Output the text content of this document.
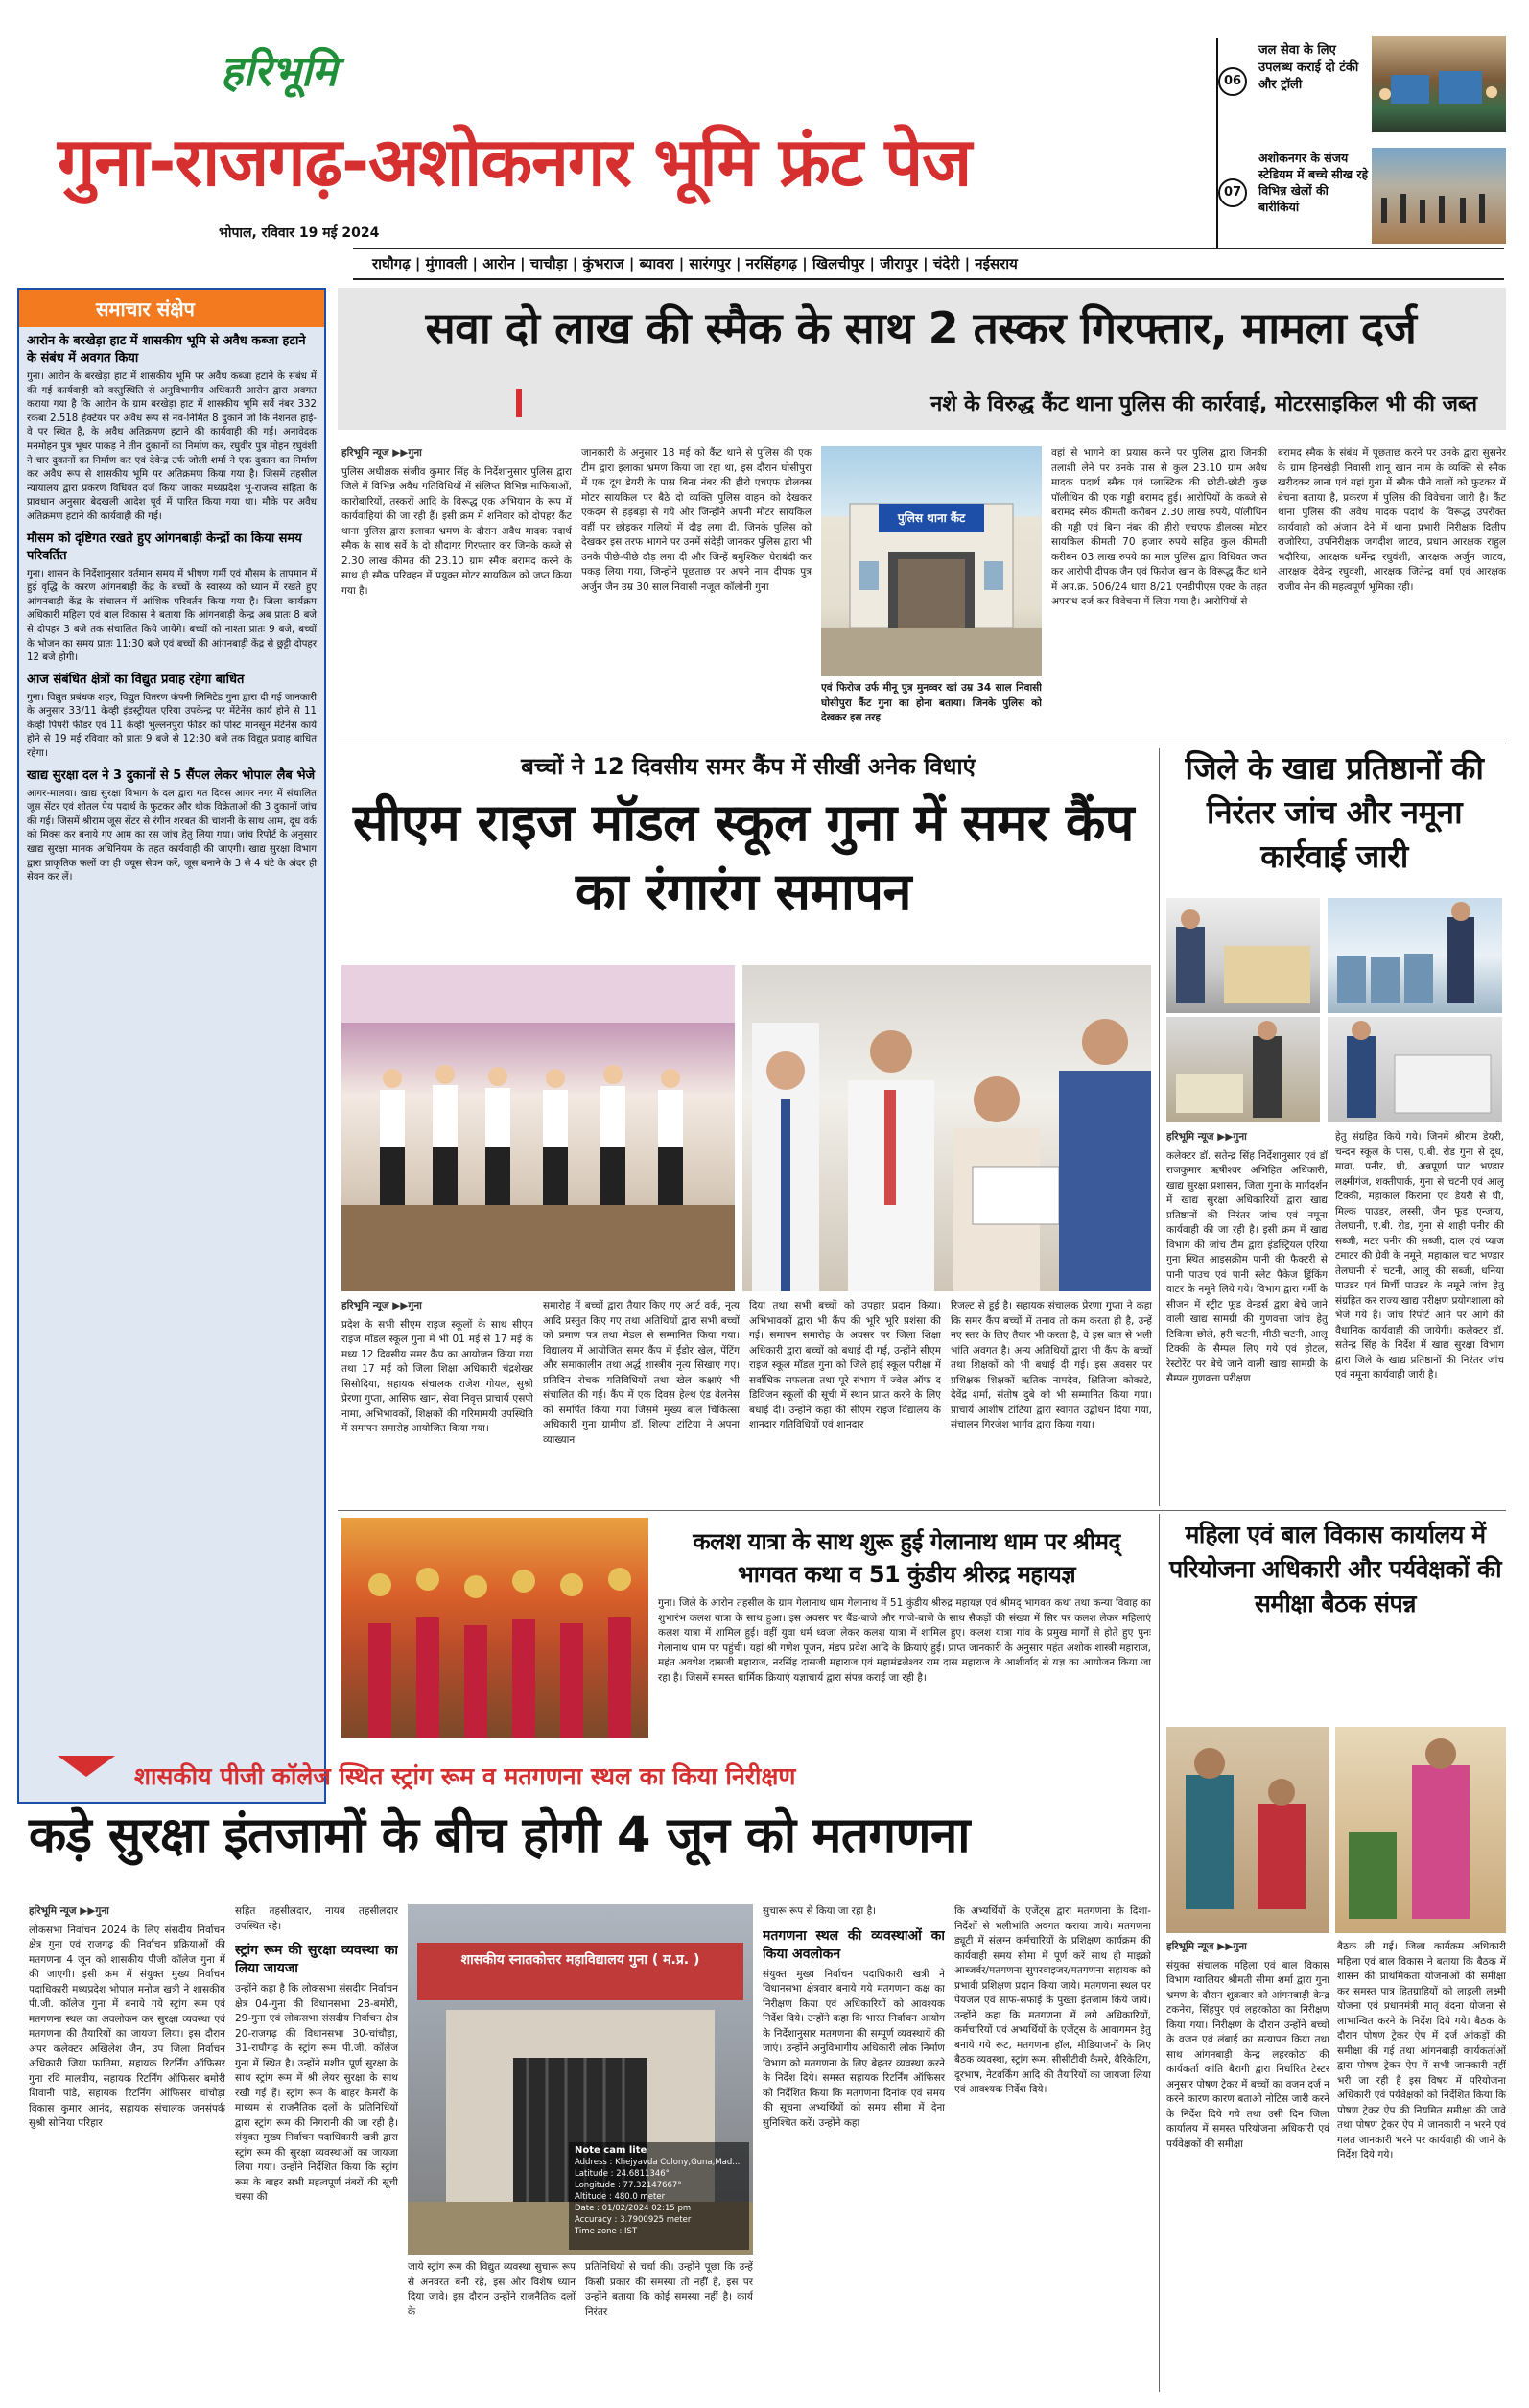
हरिभूमि
गुना-राजगढ़-अशोकनगर भूमि फ्रंट पेज
भोपाल, रविवार 19 मई 2024
06
जल सेवा के लिए उपलब्ध कराई दो टंकी और ट्रॉली
07
अशोकनगर के संजय स्टेडियम में बच्चे सीख रहे विभिन्न खेलों की बारीकियां
राघौगढ़ | मुंगावली | आरोन | चाचौड़ा | कुंभराज | ब्यावरा | सारंगपुर | नरसिंहगढ़ | खिलचीपुर | जीरापुर | चंदेरी | नईसराय
समाचार संक्षेप
आरोन के बरखेड़ा हाट में शासकीय भूमि से अवैध कब्जा हटाने के संबंध में अवगत किया

गुना। आरोन के बरखेड़ा हाट में शासकीय भूमि पर अवैध कब्जा हटाने के संबंध में की गई कार्यवाही को वस्तुस्थिति से अनुविभागीय अधिकारी आरोन द्वारा अवगत कराया गया है कि आरोन के ग्राम बरखेड़ा हाट में शासकीय भूमि सर्वे नंबर 332 रकबा 2.518 हेक्टेयर पर अवैध रूप से नव-निर्मित 8 दुकानें जो कि नेशनल हाई-वे पर स्थित है, के अवैध अतिक्रमण हटाने की कार्यवाही की गई। अनावेदक मनमोहन पुत्र भूधर पाकड़ ने तीन दुकानों का निर्माण कर, रघुवीर पुत्र मोहन रघुवंशी ने चार दुकानों का निर्माण कर एवं देवेन्द्र उर्फ जोली शर्मा ने एक दुकान का निर्माण कर अवैध रूप से शासकीय भूमि पर अतिक्रमण किया गया है। जिसमें तहसील न्यायालय द्वारा प्रकरण विधिवत दर्ज किया जाकर मध्यप्रदेश भू-राजस्व संहिता के प्रावधान अनुसार बेदखली आदेश पूर्व में पारित किया गया था। मौके पर अवैध अतिक्रमण हटाने की कार्यवाही की गई।

मौसम को दृष्टिगत रखते हुए आंगनबाड़ी केन्द्रों का किया समय परिवर्तित

गुना। शासन के निर्देशानुसार वर्तमान समय में भीषण गर्मी एवं मौसम के तापमान में हुई वृद्धि के कारण आंगनबाड़ी केंद्र के बच्चों के स्वास्थ्य को ध्यान में रखते हुए आंगनबाड़ी केंद्र के संचालन में आंशिक परिवर्तन किया गया है। जिला कार्यक्रम अधिकारी महिला एवं बाल विकास ने बताया कि आंगनबाड़ी केन्द्र अब प्रातः 8 बजे से दोपहर 3 बजे तक संचालित किये जायेंगे। बच्चों को नाश्ता प्रातः 9 बजे, बच्चों के भोजन का समय प्रातः 11:30 बजे एवं बच्चों की आंगनबाड़ी केंद्र से छुट्टी दोपहर 12 बजे होगी।

आज संबंधित क्षेत्रों का विद्युत प्रवाह रहेगा बाधित

गुना। विद्युत प्रबंधक शहर, विद्युत वितरण कंपनी लिमिटेड गुना द्वारा दी गई जानकारी के अनुसार 33/11 केव्ही इंडस्ट्रीयल एरिया उपकेन्द्र पर मेंटेनेंस कार्य होने से 11 केव्ही पिपरी फीडर एवं 11 केव्ही भुल्लनपुरा फीडर को पोस्ट मानसून मेंटेनेंस कार्य होने से 19 मई रविवार को प्रातः 9 बजे से 12:30 बजे तक विद्युत प्रवाह बाधित रहेगा।

खाद्य सुरक्षा दल ने 3 दुकानों से 5 सैंपल लेकर भोपाल लैब भेजे

आगर-मालवा। खाद्य सुरक्षा विभाग के दल द्वारा गत दिवस आगर नगर में संचालित जूस सेंटर एवं शीतल पेय पदार्थ के फुटकर और थोक विक्रेताओं की 3 दुकानों जांच की गई। जिसमें श्रीराम जूस सेंटर से रंगीन शरबत की चाशनी के साथ आम, दूध वर्क को मिक्स कर बनाये गए आम का रस जांच हेतु लिया गया। जांच रिपोर्ट के अनुसार खाद्य सुरक्षा मानक अधिनियम के तहत कार्यवाही की जाएगी। खाद्य सुरक्षा विभाग द्वारा प्राकृतिक फलों का ही ज्यूस सेवन करें, जूस बनाने के 3 से 4 घंटे के अंदर ही सेवन कर लें।

सवा दो लाख की स्मैक के साथ 2 तस्कर गिरफ्तार, मामला दर्ज
नशे के विरुद्ध कैंट थाना पुलिस की कार्रवाई, मोटरसाइकिल भी की जब्त
हरिभूमि न्यूज ▶▶गुना

पुलिस अधीक्षक संजीव कुमार सिंह के निर्देशानुसार पुलिस द्वारा जिले में विभिन्न अवैध गतिविधियों में संलिप्त विभिन्न माफियाओं, कारोबारियों, तस्करों आदि के विरूद्ध एक अभियान के रूप में कार्यवाहियां की जा रही हैं। इसी क्रम में शनिवार को दोपहर कैंट थाना पुलिस द्वारा इलाका भ्रमण के दौरान अवैध मादक पदार्थ स्मैक के साथ सर्वे के दो सौदागर गिरफ्तार कर जिनके कब्जे से 2.30 लाख कीमत की 23.10 ग्राम स्मैक बरामद करने के साथ ही स्मैक परिवहन में प्रयुक्त मोटर सायकिल को जप्त किया गया है।

जानकारी के अनुसार 18 मई को कैंट थाने से पुलिस की एक टीम द्वारा इलाका भ्रमण किया जा रहा था, इस दौरान घोसीपुरा में एक दूध डेयरी के पास बिना नंबर की हीरो एचएफ डीलक्स मोटर सायकिल पर बैठे दो व्यक्ति पुलिस वाहन को देखकर एकदम से हड़बड़ा से गये और जिन्होंने अपनी मोटर सायकिल वहीं पर छोड़कर गलियों में दौड़ लगा दी, जिनके पुलिस को देखकर इस तरफ भागने पर उनमें संदेही जानकर पुलिस द्वारा भी उनके पीछे-पीछे दौड़ लगा दी और जिन्हें बमुश्किल घेराबंदी कर पकड़ लिया गया, जिन्होंने पूछताछ पर अपने नाम दीपक पुत्र अर्जुन जैन उम्र 30 साल निवासी नजूल कॉलोनी गुना

पुलिस थाना कैंट

एवं फिरोज उर्फ मीनू पुत्र मुनव्वर खां उम्र 34 साल निवासी घोसीपुरा कैंट गुना का होना बताया। जिनके पुलिस को देखकर इस तरह

वहां से भागने का प्रयास करने पर पुलिस द्वारा जिनकी तलाशी लेने पर उनके पास से कुल 23.10 ग्राम अवैध मादक पदार्थ स्मैक एवं प्लास्टिक की छोटी-छोटी कुछ पॉलीथिन की एक गड्डी बरामद हुई। आरोपियों के कब्जे से बरामद स्मैक कीमती करीबन 2.30 लाख रुपये, पॉलीथिन की गड्डी एवं बिना नंबर की हीरो एचएफ डीलक्स मोटर सायकिल कीमती 70 हजार रुपये सहित कुल कीमती करीबन 03 लाख रुपये का माल पुलिस द्वारा विधिवत जप्त कर आरोपी दीपक जैन एवं फिरोज खान के विरूद्ध कैंट थाने में अप.क्र. 506/24 धारा 8/21 एनडीपीएस एक्ट के तहत अपराध दर्ज कर विवेचना में लिया गया है। आरोपियों से

बरामद स्मैक के संबंध में पूछताछ करने पर उनके द्वारा सुसनेर के ग्राम हिनखेड़ी निवासी शानू खान नाम के व्यक्ति से स्मैक खरीदकर लाना एवं यहां गुना में स्मैक पीने वालों को फुटकर में बेचना बताया है, प्रकरण में पुलिस की विवेचना जारी है। कैंट थाना पुलिस की अवैध मादक पदार्थ के विरूद्ध उपरोक्त कार्यवाही को अंजाम देने में थाना प्रभारी निरीक्षक दिलीप राजोरिया, उपनिरीक्षक जगदीश जाटव, प्रधान आरक्षक राहुल भदौरिया, आरक्षक धर्मेन्द्र रघुवंशी, आरक्षक अर्जुन जाटव, आरक्षक देवेन्द्र रघुवंशी, आरक्षक जितेन्द्र वर्मा एवं आरक्षक राजीव सेन की महत्वपूर्ण भूमिका रही।

बच्चों ने 12 दिवसीय समर कैंप में सीखीं अनेक विधाएं
सीएम राइज मॉडल स्कूल गुना में समर कैंप का रंगारंग समापन
हरिभूमि न्यूज ▶▶गुना

प्रदेश के सभी सीएम राइज स्कूलों के साथ सीएम राइज मॉडल स्कूल गुना में भी 01 मई से 17 मई के मध्य 12 दिवसीय समर कैंप का आयोजन किया गया तथा 17 मई को जिला शिक्षा अधिकारी चंद्रशेखर सिसोदिया, सहायक संचालक राजेश गोयल, सुश्री प्रेरणा गुप्ता, आसिफ खान, सेवा निवृत्त प्राचार्य एसपी नामा, अभिभावकों, शिक्षकों की गरिमामयी उपस्थिति में समापन समारोह आयोजित किया गया।

समारोह में बच्चों द्वारा तैयार किए गए आर्ट वर्क, नृत्य आदि प्रस्तुत किए गए तथा अतिथियों द्वारा सभी बच्चों को प्रमाण पत्र तथा मेडल से सम्मानित किया गया। विद्यालय में आयोजित समर कैंप में ईंडोर खेल, पेंटिंग और समाकालीन तथा अर्द्ध शास्त्रीय नृत्य सिखाए गए। प्रतिदिन रोचक गतिविधियों तथा खेल कक्षाएं भी संचालित की गई। कैंप में एक दिवस हेल्थ एंड वेलनेस को समर्पित किया गया जिसमें मुख्य बाल चिकित्सा अधिकारी गुना ग्रामीण डॉ. शिल्पा टांटिया ने अपना व्याख्यान

दिया तथा सभी बच्चों को उपहार प्रदान किया। अभिभावकों द्वारा भी कैंप की भूरि भूरि प्रशंसा की गई। समापन समारोह के अवसर पर जिला शिक्षा अधिकारी द्वारा बच्चों को बधाई दी गई, उन्होंने सीएम राइज स्कूल मॉडल गुना को जिले हाई स्कूल परीक्षा में सर्वाधिक सफलता तथा पूरे संभाग में ज्वेल ऑफ द डिविजन स्कूलों की सूची में स्थान प्राप्त करने के लिए बधाई दी। उन्होंने कहा की सीएम राइज विद्यालय के शानदार गतिविधियों एवं शानदार

रिजल्ट से हुई है। सहायक संचालक प्रेरणा गुप्ता ने कहा कि समर कैंप बच्चों में तनाव तो कम करता ही है, उन्हें नए स्तर के लिए तैयार भी करता है, वे इस बात से भली भांति अवगत है। अन्य अतिथियों द्वारा भी कैंप के बच्चों तथा शिक्षकों को भी बधाई दी गई। इस अवसर पर प्रशिक्षक शिक्षकों ऋतिक नामदेव, क्षितिजा कोकाटे, देवेंद्र शर्मा, संतोष दुबे को भी सम्मानित किया गया। प्राचार्य आशीष टांटिया द्वारा स्वागत उद्बोधन दिया गया, संचालन गिरजेश भार्गव द्वारा किया गया।

जिले के खाद्य प्रतिष्ठानों की निरंतर जांच और नमूना कार्रवाई जारी
हरिभूमि न्यूज ▶▶गुना

कलेक्टर डॉ. सतेन्द्र सिंह निर्देशानुसार एवं डॉ राजकुमार ऋषीश्वर अभिहित अधिकारी, खाद्य सुरक्षा प्रशासन, जिला गुना के मार्गदर्शन में खाद्य सुरक्षा अधिकारियों द्वारा खाद्य प्रतिष्ठानों की निरंतर जांच एवं नमूना कार्यवाही की जा रही है। इसी क्रम में खाद्य विभाग की जांच टीम द्वारा इंडस्ट्रियल एरिया गुना स्थित आइसक्रीम पानी की फैक्टरी से पानी पाउच एवं पानी स्लेट पैकेज ड्रिंकिंग वाटर के नमूने लिये गये। विभाग द्वारा गर्मी के सीजन में स्ट्रीट फूड वेन्डर्स द्वारा बेचे जाने वाली खाद्य सामग्री की गुणवत्ता जांच हेतु टिकिया छोले, हरी चटनी, मीठी चटनी, आलू टिक्की के सैम्पल लिए गये एवं होटल, रेस्टोरेंट पर बेचे जाने वाली खाद्य सामग्री के सैम्पल गुणवत्ता परीक्षण

हेतु संग्रहित किये गये। जिनमें श्रीराम डेयरी, चन्दन स्कूल के पास, ए.बी. रोड गुना से दूध, मावा, पनीर, घी, अन्नपूर्णा पाट भण्डार लक्ष्मीगंज, शक्तीपार्क, गुना से चटनी एवं आलू टिक्की, महाकाल किराना एवं डेयरी से घी, मिल्क पाउडर, लस्सी, जैन फूड एन्जाय, तेलघानी, ए.बी. रोड, गुना से शाही पनीर की सब्जी, मटर पनीर की सब्जी, दाल एवं प्याज टमाटर की ग्रेवी के नमूने, महाकाल चाट भण्डार तेलघानी से चटनी, आलू की सब्जी, धनिया पाउडर एवं मिर्ची पाउडर के नमूने जांच हेतु संग्रहित कर राज्य खाद्य परीक्षण प्रयोगशाला को भेजे गये हैं। जांच रिपोर्ट आने पर आगे की वैधानिक कार्यवाही की जायेगी। कलेक्टर डॉ. सतेन्द्र सिंह के निर्देश में खाद्य सुरक्षा विभाग द्वारा जिले के खाद्य प्रतिष्ठानों की निरंतर जांच एवं नमूना कार्यवाही जारी है।

कलश यात्रा के साथ शुरू हुई गेलानाथ धाम पर श्रीमद् भागवत कथा व 51 कुंडीय श्रीरुद्र महायज्ञ

गुना। जिले के आरोन तहसील के ग्राम गेलानाथ धाम गेलानाथ में 51 कुंडीय श्रीरुद्र महायज्ञ एवं श्रीमद् भागवत कथा तथा कन्या विवाह का शुभारंभ कलश यात्रा के साथ हुआ। इस अवसर पर बैंड-बाजे और गाजे-बाजे के साथ सैकड़ों की संख्या में सिर पर कलश लेकर महिलाएं कलश यात्रा में शामिल हुई। वहीं युवा धर्म ध्वजा लेकर कलश यात्रा में शामिल हुए। कलश यात्रा गांव के प्रमुख मार्गों से होते हुए पुनः गेलानाथ धाम पर पहुंची। यहां श्री गणेश पूजन, मंडप प्रवेश आदि के क्रियाएं हुई। प्राप्त जानकारी के अनुसार महंत अशोक शास्त्री महाराज, महंत अवधेश दासजी महाराज, नरसिंह दासजी महाराज एवं महामंडलेश्वर राम दास महाराज के आशीर्वाद से यज्ञ का आयोजन किया जा रहा है। जिसमें समस्त धार्मिक क्रियाएं यज्ञाचार्य द्वारा संपन्न कराई जा रही है।

महिला एवं बाल विकास कार्यालय में परियोजना अधिकारी और पर्यवेक्षकों की समीक्षा बैठक संपन्न
हरिभूमि न्यूज ▶▶गुना

संयुक्त संचालक महिला एवं बाल विकास विभाग ग्वालियर श्रीमती सीमा शर्मा द्वारा गुना भ्रमण के दौरान शुक्रवार को आंगनबाड़ी केन्द्र टकनेरा, सिंहपुर एवं लहरकोठा का निरीक्षण किया गया। निरीक्षण के दौरान उन्होंने बच्चों के वजन एवं लंबाई का सत्यापन किया तथा साथ आंगनबाड़ी केन्द्र लहरकोठा की कार्यकर्ता कांति बैरागी द्वारा निर्धारित टेस्टर अनुसार पोषण ट्रेकर में बच्चों का वजन दर्ज न करने कारण कारण बताओ नोटिस जारी करने के निर्देश दिये गये तथा उसी दिन जिला कार्यालय में समस्त परियोजना अधिकारी एवं पर्यवेक्षकों की समीक्षा

बैठक ली गई। जिला कार्यक्रम अधिकारी महिला एवं बाल विकास ने बताया कि बैठक में शासन की प्राथमिकता योजनाओं की समीक्षा कर समस्त पात्र हितग्राहियों को लाड़ली लक्ष्मी योजना एवं प्रधानमंत्री मातृ वंदना योजना से लाभान्वित करने के निर्देश दिये गये। बैठक के दौरान पोषण ट्रेकर ऐप में दर्ज आंकड़ों की समीक्षा की गई तथा आंगनबाड़ी कार्यकर्ताओं द्वारा पोषण ट्रेकर ऐप में सभी जानकारी नहीं भरी जा रही है इस विषय में परियोजना अधिकारी एवं पर्यवेक्षकों को निर्देशित किया कि पोषण ट्रेकर ऐप की नियमित समीक्षा की जावे तथा पोषण ट्रेकर ऐप में जानकारी न भरने एवं गलत जानकारी भरने पर कार्यवाही की जाने के निर्देश दिये गये।

शासकीय पीजी कॉलेज स्थित स्ट्रांग रूम व मतगणना स्थल का किया निरीक्षण
कड़े सुरक्षा इंतजामों के बीच होगी 4 जून को मतगणना
हरिभूमि न्यूज ▶▶गुना

लोकसभा निर्वाचन 2024 के लिए संसदीय निर्वाचन क्षेत्र गुना एवं राजगढ़ की निर्वाचन प्रक्रियाओं की मतगणना 4 जून को शासकीय पीजी कॉलेज गुना में की जाएगी। इसी क्रम में संयुक्त मुख्य निर्वाचन पदाधिकारी मध्यप्रदेश भोपाल मनोज खत्री ने शासकीय पी.जी. कॉलेज गुना में बनाये गये स्ट्रांग रूम एवं मतगणना स्थल का अवलोकन कर सुरक्षा व्यवस्था एवं मतगणना की तैयारियों का जायजा लिया। इस दौरान अपर कलेक्टर अखिलेश जैन, उप जिला निर्वाचन अधिकारी जिया फातिमा, सहायक रिटर्निंग ऑफिसर गुना रवि मालवीय, सहायक रिटर्निंग ऑफिसर बमोरी शिवानी पांडे, सहायक रिटर्निंग ऑफिसर चांचौड़ा विकास कुमार आनंद, सहायक संचालक जनसंपर्क सुश्री सोनिया परिहार

सहित तहसीलदार, नायब तहसीलदार उपस्थित रहे।

स्ट्रांग रूम की सुरक्षा व्यवस्था का लिया जायजा

उन्होंने कहा है कि लोकसभा संसदीय निर्वाचन क्षेत्र 04-गुना की विधानसभा 28-बमोरी, 29-गुना एवं लोकसभा संसदीय निर्वाचन क्षेत्र 20-राजगढ़ की विधानसभा 30-चांचौड़ा, 31-राघौगढ़ के स्ट्रांग रूम पी.जी. कॉलेज गुना में स्थित है। उन्होंने मशीन पूर्ण सुरक्षा के साथ स्ट्रांग रूम में श्री लेयर सुरक्षा के साथ रखी गई हैं। स्ट्रांग रूम के बाहर कैमरों के माध्यम से राजनैतिक दलों के प्रतिनिधियों द्वारा स्ट्रांग रूम की निगरानी की जा रही है। संयुक्त मुख्य निर्वाचन पदाधिकारी खत्री द्वारा स्ट्रांग रूम की सुरक्षा व्यवस्थाओं का जायजा लिया गया। उन्होंने निर्देशित किया कि स्ट्रांग रूम के बाहर सभी महत्वपूर्ण नंबरों की सूची चस्पा की

शासकीय स्नातकोत्तर महाविद्यालय गुना ( म.प्र. )
Note cam lite
Address : Khejyavda Colony,Guna,Mad...
Latitude : 24.6811346°
Longitude : 77.32147667°
Altitude : 480.0 meter
Date : 01/02/2024 02:15 pm
Accuracy : 3.7900925 meter
Time zone : IST

जाये स्ट्रांग रूम की विद्युत व्यवस्था सुचारू रूप से अनवरत बनी रहे, इस ओर विशेष ध्यान दिया जावे। इस दौरान उन्होंने राजनैतिक दलों के

प्रतिनिधियों से चर्चा की। उन्होंने पूछा कि उन्हें किसी प्रकार की समस्या तो नहीं है, इस पर उन्होंने बताया कि कोई समस्या नहीं है। कार्य निरंतर

सुचारू रूप से किया जा रहा है।

मतगणना स्थल की व्यवस्थाओं का किया अवलोकन

संयुक्त मुख्य निर्वाचन पदाधिकारी खत्री ने विधानसभा क्षेत्रवार बनाये गये मतगणना कक्ष का निरीक्षण किया एवं अधिकारियों को आवश्यक निर्देश दिये। उन्होंने कहा कि भारत निर्वाचन आयोग के निर्देशानुसार मतगणना की सम्पूर्ण व्यवस्थायें की जाएं। उन्होंने अनुविभागीय अधिकारी लोक निर्माण विभाग को मतगणना के लिए बेहतर व्यवस्था करने के निर्देश दिये। समस्त सहायक रिटर्निंग ऑफिसर को निर्देशित किया कि मतगणना दिनांक एवं समय की सूचना अभ्यर्थियों को समय सीमा में देना सुनिश्चित करें। उन्होंने कहा

कि अभ्यर्थियों के एजेंट्स द्वारा मतगणना के दिशा-निर्देशों से भलीभांति अवगत कराया जाये। मतगणना ड्यूटी में संलग्न कर्मचारियों के प्रशिक्षण कार्यक्रम की कार्यवाही समय सीमा में पूर्ण करें साथ ही माइक्रो आब्जर्वर/मतगणना सुपरवाइजर/मतगणना सहायक को प्रभावी प्रशिक्षण प्रदान किया जाये। मतगणना स्थल पर पेयजल एवं साफ-सफाई के पुख्ता इंतजाम किये जायें। उन्होंने कहा कि मतगणना में लगे अधिकारियों, कर्मचारियों एवं अभ्यर्थियों के एजेंट्स के आवागमन हेतु बनाये गये रूट, मतगणना हॉल, मीडियाजनों के लिए बैठक व्यवस्था, स्ट्रांग रूम, सीसीटीवी कैमरे, बैरिकेटिंग, दूरभाष, नेटवर्किंग आदि की तैयारियों का जायजा लिया एवं आवश्यक निर्देश दिये।
